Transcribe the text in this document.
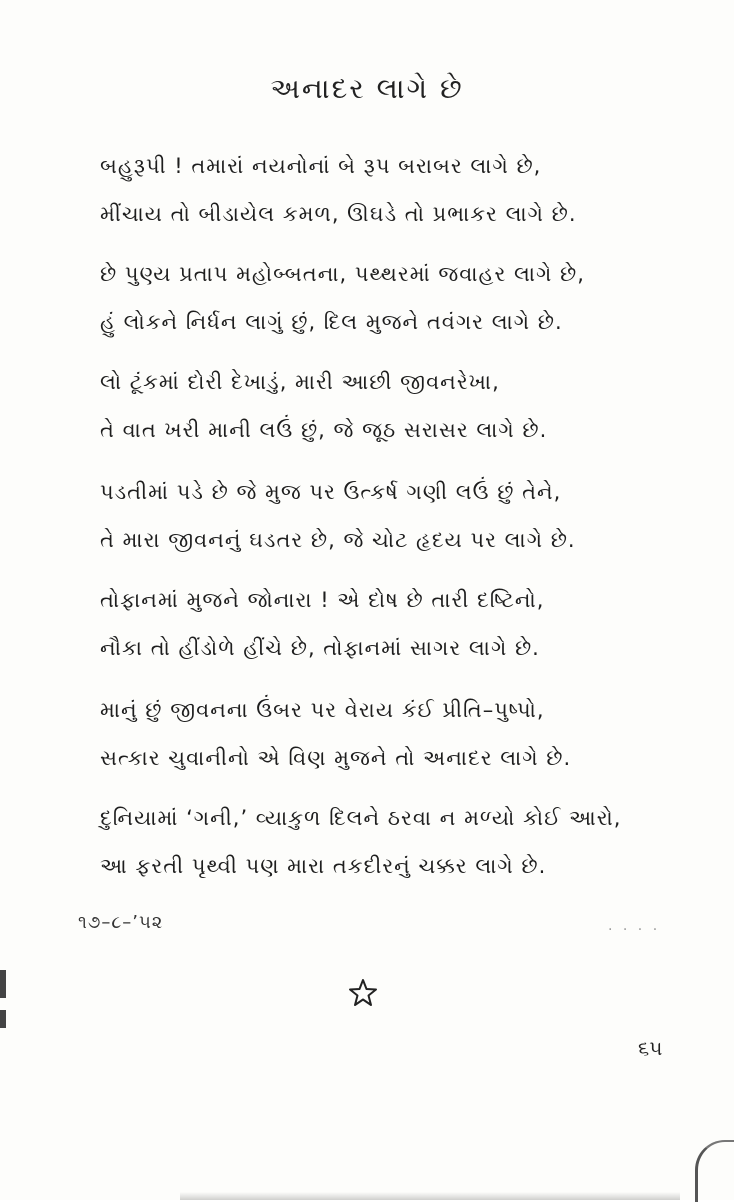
અનાદર લાગે છે
બહુરૂપી ! તમારાં નયનોનાં બે રૂપ બરાબર લાગે છે,
મીંચાય તો બીડાયેલ કમળ, ઊઘડે તો પ્રભાકર લાગે છે.
છે પુણ્ય પ્રતાપ મહોબ્બતના, પથ્થરમાં જવાહર લાગે છે,
હું લોકને નિર્ધન લાગું છું, દિલ મુજને તવંગર લાગે છે.
લો ટૂંકમાં દોરી દેખાડું, મારી આછી જીવનરેખા,
તે વાત ખરી માની લઉં છું, જે જૂઠ સરાસર લાગે છે.
પડતીમાં પડે છે જે મુજ પર ઉત્કર્ષ ગણી લઉં છું તેને,
તે મારા જીવનનું ઘડતર છે, જે ચોટ હૃદય પર લાગે છે.
તોફાનમાં મુજને જોનારા ! એ દોષ છે તારી દષ્ટિનો,
નૌકા તો હીંડોળે હીંચે છે, તોફાનમાં સાગર લાગે છે.
માનું છું જીવનના ઉંબર પર વેરાય કંઈ પ્રીતિ–પુષ્પો,
સત્કાર ચુવાનીનો એ વિણ મુજને તો અનાદર લાગે છે.
દુનિયામાં ‘ગની,’ વ્યાકુળ દિલને ઠરવા ન મળ્યો કોઈ આરો,
આ ફરતી પૃથ્વી પણ મારા તકદીરનું ચક્કર લાગે છે.
૧૭–૮–’૫૨	· · · ·
૬૫
